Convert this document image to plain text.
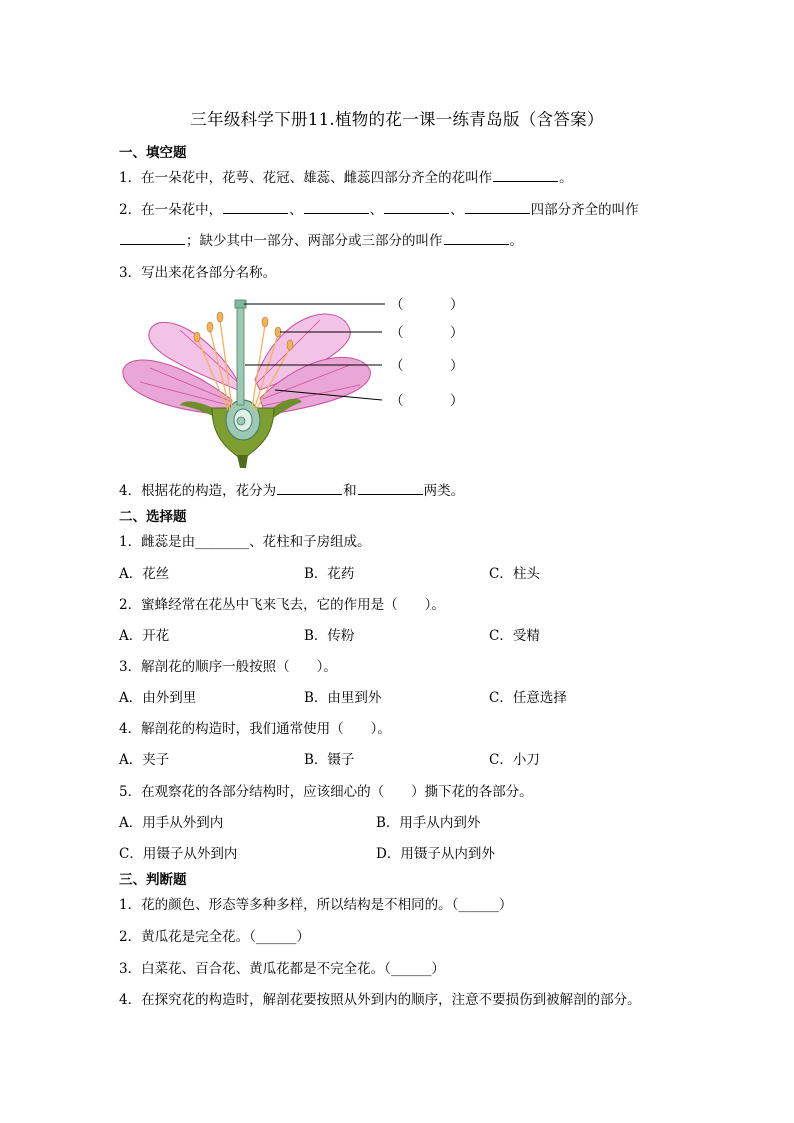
三年级科学下册11.植物的花一课一练青岛版（含答案）
一、填空题
1．在一朵花中，花萼、花冠、雄蕊、雌蕊四部分齐全的花叫作	。
2．在一朵花中，	、	、	、	四部分齐全的叫作
；缺少其中一部分、两部分或三部分的叫作	。
3．写出来花各部分名称。
（	）
（	）
（	）
（	）
4．根据花的构造，花分为	和	两类。
二、选择题
1．雌蕊是由________、花柱和子房组成。
A．花丝	B．花药	C．柱头
2．蜜蜂经常在花丛中飞来飞去，它的作用是（　　）。
A．开花	B．传粉	C．受精
3．解剖花的顺序一般按照（　　）。
A．由外到里	B．由里到外	C．任意选择
4．解剖花的构造时，我们通常使用（　　）。
A．夹子	B．镊子	C．小刀
5．在观察花的各部分结构时，应该细心的（　　）撕下花的各部分。
A．用手从外到内	B．用手从内到外
C．用镊子从外到内	D．用镊子从内到外
三、判断题
1．花的颜色、形态等多种多样，所以结构是不相同的。（______）
2．黄瓜花是完全花。（______）
3．白菜花、百合花、黄瓜花都是不完全花。（______）
4．在探究花的构造时，解剖花要按照从外到内的顺序，注意不要损伤到被解剖的部分。
